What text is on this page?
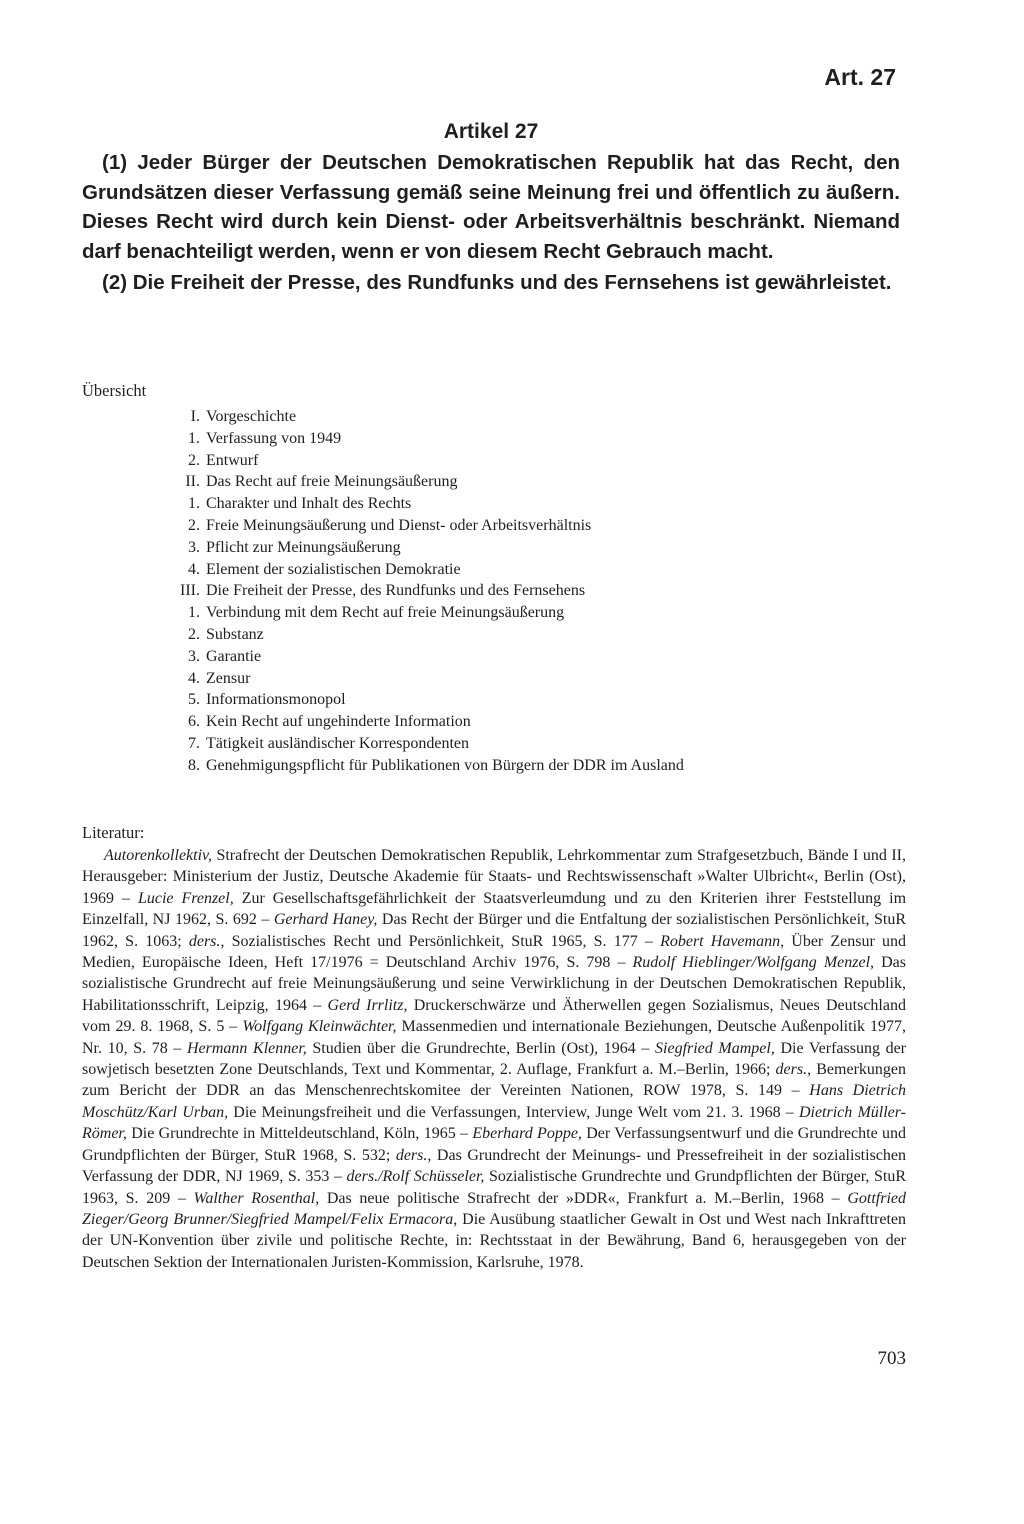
Art. 27
Artikel 27

(1) Jeder Bürger der Deutschen Demokratischen Republik hat das Recht, den Grundsätzen dieser Verfassung gemäß seine Meinung frei und öffentlich zu äußern. Dieses Recht wird durch kein Dienst- oder Arbeitsverhältnis beschränkt. Niemand darf benachteiligt werden, wenn er von diesem Recht Gebrauch macht.

(2) Die Freiheit der Presse, des Rundfunks und des Fernsehens ist gewährleistet.

Übersicht
I. Vorgeschichte
1. Verfassung von 1949
2. Entwurf
II. Das Recht auf freie Meinungsäußerung
1. Charakter und Inhalt des Rechts
2. Freie Meinungsäußerung und Dienst- oder Arbeitsverhältnis
3. Pflicht zur Meinungsäußerung
4. Element der sozialistischen Demokratie
III. Die Freiheit der Presse, des Rundfunks und des Fernsehens
1. Verbindung mit dem Recht auf freie Meinungsäußerung
2. Substanz
3. Garantie
4. Zensur
5. Informationsmonopol
6. Kein Recht auf ungehinderte Information
7. Tätigkeit ausländischer Korrespondenten
8. Genehmigungspflicht für Publikationen von Bürgern der DDR im Ausland
Literatur:

Autorenkollektiv, Strafrecht der Deutschen Demokratischen Republik, Lehrkommentar zum Strafgesetzbuch, Bände I und II, Herausgeber: Ministerium der Justiz, Deutsche Akademie für Staats- und Rechtswissenschaft »Walter Ulbricht«, Berlin (Ost), 1969 – Lucie Frenzel, Zur Gesellschaftsgefährlichkeit der Staatsverleumdung und zu den Kriterien ihrer Feststellung im Einzelfall, NJ 1962, S. 692 – Gerhard Haney, Das Recht der Bürger und die Entfaltung der sozialistischen Persönlichkeit, StuR 1962, S. 1063; ders., Sozialistisches Recht und Persönlichkeit, StuR 1965, S. 177 – Robert Havemann, Über Zensur und Medien, Europäische Ideen, Heft 17/1976 = Deutschland Archiv 1976, S. 798 – Rudolf Hieblinger/Wolfgang Menzel, Das sozialistische Grundrecht auf freie Meinungsäußerung und seine Verwirklichung in der Deutschen Demokratischen Republik, Habilitationsschrift, Leipzig, 1964 – Gerd Irrlitz, Druckerschwärze und Ätherwellen gegen Sozialismus, Neues Deutschland vom 29. 8. 1968, S. 5 – Wolfgang Kleinwächter, Massenmedien und internationale Beziehungen, Deutsche Außenpolitik 1977, Nr. 10, S. 78 – Hermann Klenner, Studien über die Grundrechte, Berlin (Ost), 1964 – Siegfried Mampel, Die Verfassung der sowjetisch besetzten Zone Deutschlands, Text und Kommentar, 2. Auflage, Frankfurt a. M.–Berlin, 1966; ders., Bemerkungen zum Bericht der DDR an das Menschenrechtskomitee der Vereinten Nationen, ROW 1978, S. 149 – Hans Dietrich Moschütz/Karl Urban, Die Meinungsfreiheit und die Verfassungen, Interview, Junge Welt vom 21. 3. 1968 – Dietrich Müller-Römer, Die Grundrechte in Mitteldeutschland, Köln, 1965 – Eberhard Poppe, Der Verfassungsentwurf und die Grundrechte und Grundpflichten der Bürger, StuR 1968, S. 532; ders., Das Grundrecht der Meinungs- und Pressefreiheit in der sozialistischen Verfassung der DDR, NJ 1969, S. 353 – ders./Rolf Schüsseler, Sozialistische Grundrechte und Grundpflichten der Bürger, StuR 1963, S. 209 – Walther Rosenthal, Das neue politische Strafrecht der »DDR«, Frankfurt a. M.–Berlin, 1968 – Gottfried Zieger/Georg Brunner/Siegfried Mampel/Felix Ermacora, Die Ausübung staatlicher Gewalt in Ost und West nach Inkrafttreten der UN-Konvention über zivile und politische Rechte, in: Rechtsstaat in der Bewährung, Band 6, herausgegeben von der Deutschen Sektion der Internationalen Juristen-Kommission, Karlsruhe, 1978.

703
